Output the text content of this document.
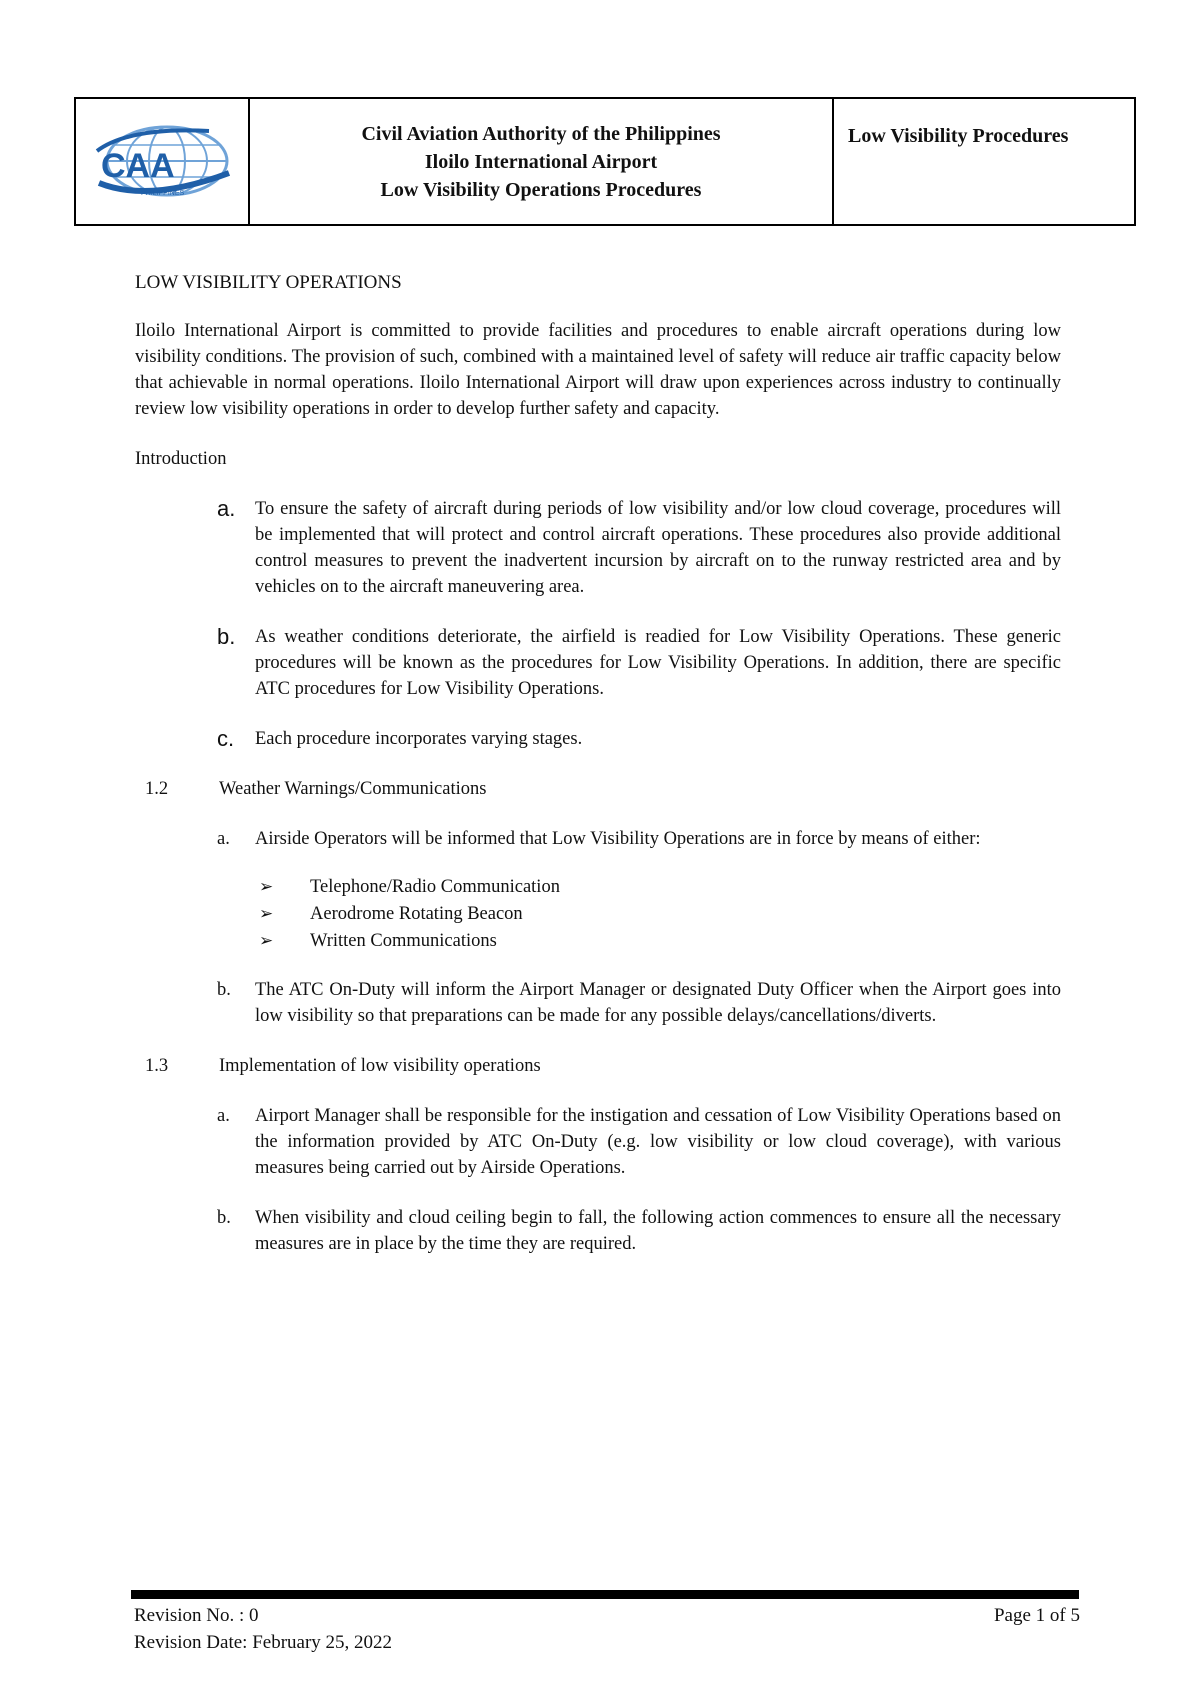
CAA
PHILIPPINES
Civil Aviation Authority of the Philippines
Iloilo International Airport
Low Visibility Operations Procedures
Low Visibility Procedures

LOW VISIBILITY OPERATIONS

Iloilo International Airport is committed to provide facilities and procedures to enable aircraft operations during low visibility conditions. The provision of such, combined with a maintained level of safety will reduce air traffic capacity below that achievable in normal operations. Iloilo International Airport will draw upon experiences across industry to continually review low visibility operations in order to develop further safety and capacity.

Introduction

a. To ensure the safety of aircraft during periods of low visibility and/or low cloud coverage, procedures will be implemented that will protect and control aircraft operations. These procedures also provide additional control measures to prevent the inadvertent incursion by aircraft on to the runway restricted area and by vehicles on to the aircraft maneuvering area.
b. As weather conditions deteriorate, the airfield is readied for Low Visibility Operations. These generic procedures will be known as the procedures for Low Visibility Operations. In addition, there are specific ATC procedures for Low Visibility Operations.
c. Each procedure incorporates varying stages.
1.2	Weather Warnings/Communications
a. Airside Operators will be informed that Low Visibility Operations are in force by means of either:
➢ Telephone/Radio Communication
➢ Aerodrome Rotating Beacon
➢ Written Communications
b. The ATC On-Duty will inform the Airport Manager or designated Duty Officer when the Airport goes into low visibility so that preparations can be made for any possible delays/cancellations/diverts.
1.3	Implementation of low visibility operations
a. Airport Manager shall be responsible for the instigation and cessation of Low Visibility Operations based on the information provided by ATC On-Duty (e.g. low visibility or low cloud coverage), with various measures being carried out by Airside Operations.
b. When visibility and cloud ceiling begin to fall, the following action commences to ensure all the necessary measures are in place by the time they are required.
Revision No. : 0
Revision Date: February 25, 2022
Page 1 of 5
